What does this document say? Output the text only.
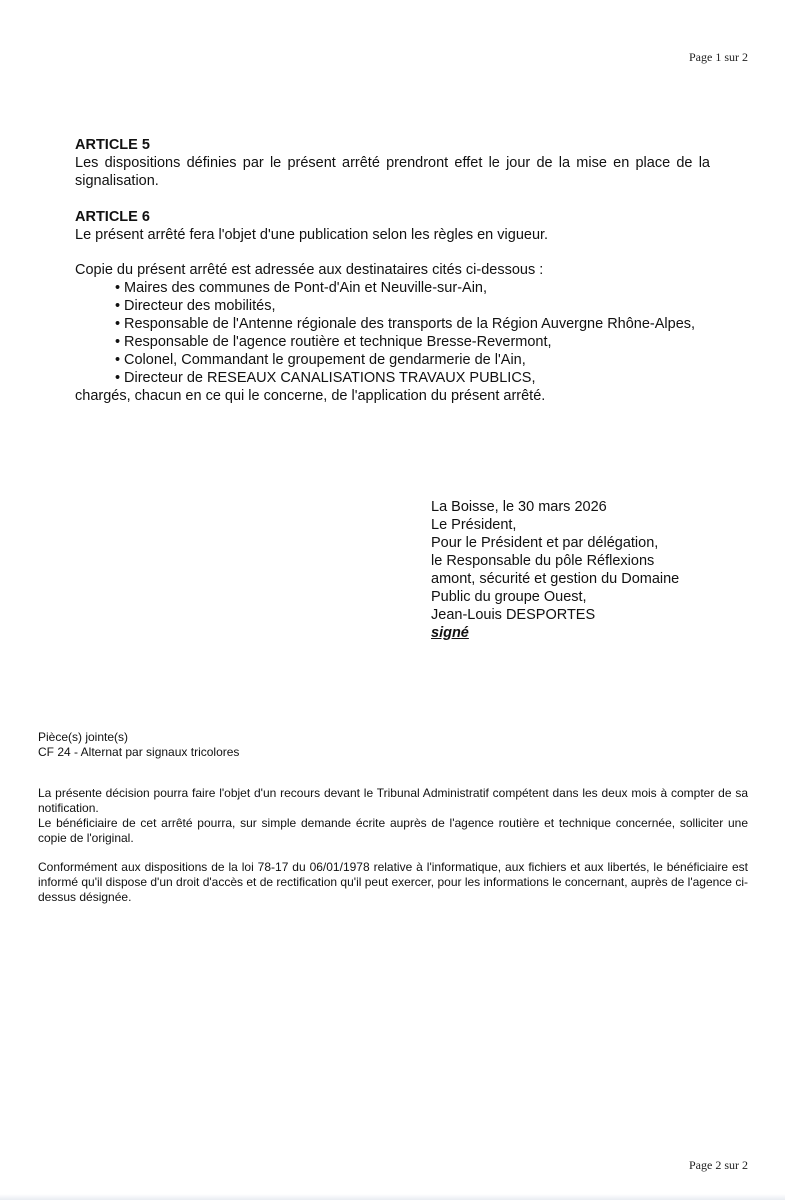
Page 1 sur 2
ARTICLE 5
Les dispositions définies par le présent arrêté prendront effet le jour de la mise en place de la signalisation.
ARTICLE 6
Le présent arrêté fera l'objet d'une publication selon les règles en vigueur.
Copie du présent arrêté est adressée aux destinataires cités ci-dessous :
• Maires des communes de Pont-d'Ain et Neuville-sur-Ain,
• Directeur des mobilités,
• Responsable de l'Antenne régionale des transports de la Région Auvergne Rhône-Alpes,
• Responsable de l'agence routière et technique Bresse-Revermont,
• Colonel, Commandant le groupement de gendarmerie de l'Ain,
• Directeur de RESEAUX CANALISATIONS TRAVAUX PUBLICS,
chargés, chacun en ce qui le concerne, de l'application du présent arrêté.
La Boisse, le 30 mars 2026
Le Président,
Pour le Président et par délégation,
le Responsable du pôle Réflexions
amont, sécurité et gestion du Domaine
Public du groupe Ouest,
Jean-Louis DESPORTES
signé
Pièce(s) jointe(s)
CF 24 - Alternat par signaux tricolores

La présente décision pourra faire l'objet d'un recours devant le Tribunal Administratif compétent dans les deux mois à compter de sa notification.

Le bénéficiaire de cet arrêté pourra, sur simple demande écrite auprès de l'agence routière et technique concernée, solliciter une copie de l'original.

Conformément aux dispositions de la loi 78-17 du 06/01/1978 relative à l'informatique, aux fichiers et aux libertés, le bénéficiaire est informé qu'il dispose d'un droit d'accès et de rectification qu'il peut exercer, pour les informations le concernant, auprès de l'agence ci-dessus désignée.

Page 2 sur 2
